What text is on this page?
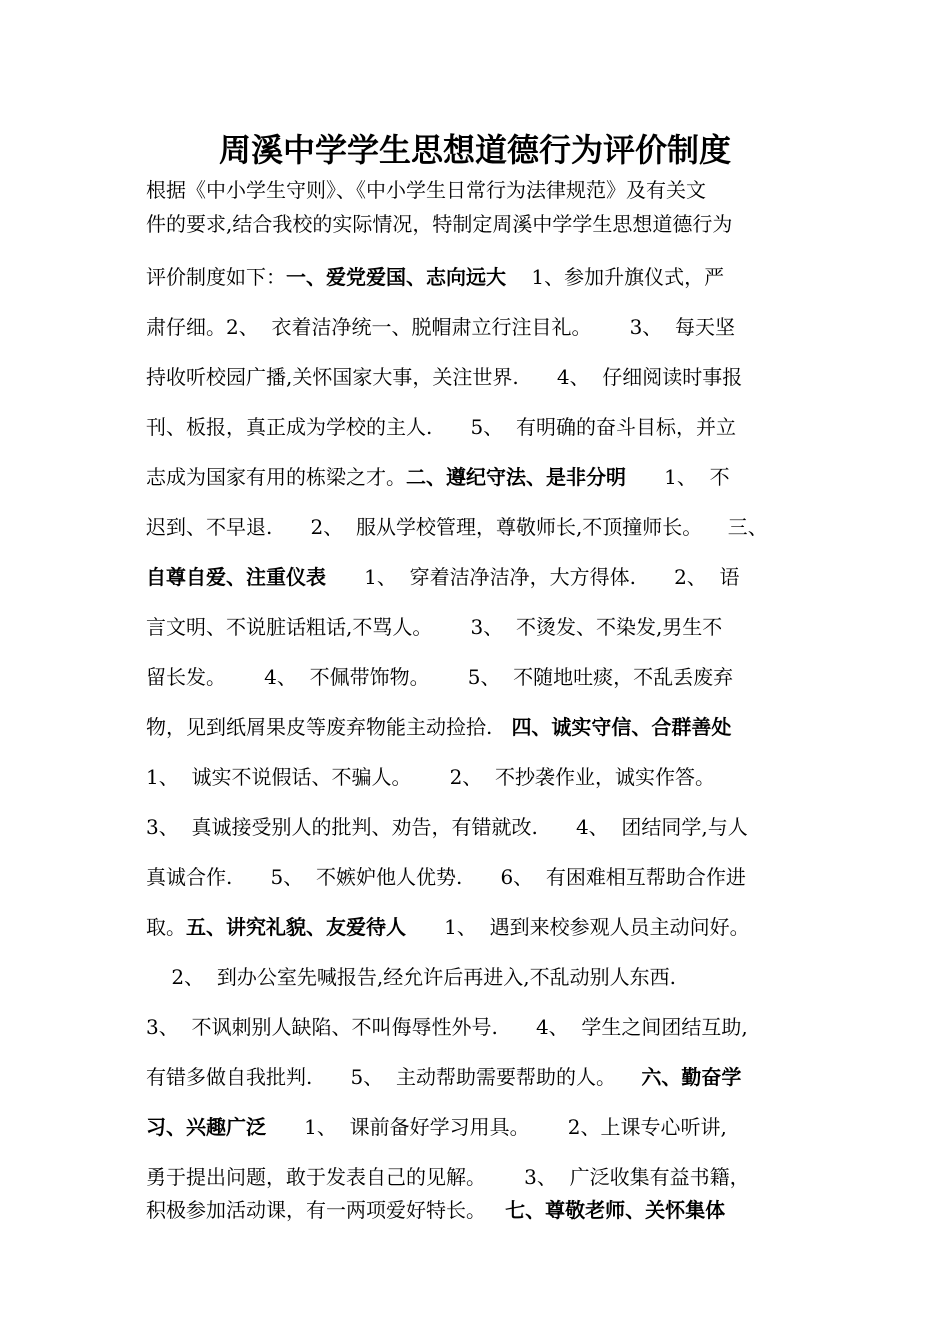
周溪中学学生思想道德行为评价制度
根据《中小学生守则》、《中小学生日常行为法律规范》及有关文
件的要求,结合我校的实际情况，特制定周溪中学学生思想道德行为
评价制度如下：一、爱党爱国、志向远大    1、参加升旗仪式，严
肃仔细。2、  衣着洁净统一、脱帽肃立行注目礼。      3、  每天坚
持收听校园广播,关怀国家大事，关注世界.      4、  仔细阅读时事报
刊、板报，真正成为学校的主人.      5、  有明确的奋斗目标，并立
志成为国家有用的栋梁之才。二、遵纪守法、是非分明      1、  不
迟到、不早退.      2、  服从学校管理，尊敬师长,不顶撞师长。    三、
自尊自爱、注重仪表      1、  穿着洁净洁净，大方得体.      2、  语
言文明、不说脏话粗话,不骂人。      3、  不烫发、不染发,男生不
留长发。      4、  不佩带饰物。      5、  不随地吐痰，不乱丢废弃
物，见到纸屑果皮等废弃物能主动捡拾.   四、诚实守信、合群善处
1、  诚实不说假话、不骗人。      2、  不抄袭作业，诚实作答。
3、  真诚接受别人的批判、劝告，有错就改.      4、  团结同学,与人
真诚合作.      5、  不嫉妒他人优势.      6、  有困难相互帮助合作进
取。五、讲究礼貌、友爱待人      1、  遇到来校参观人员主动问好。
2、  到办公室先喊报告,经允许后再进入,不乱动别人东西.
3、  不讽刺别人缺陷、不叫侮辱性外号.      4、  学生之间团结互助,
有错多做自我批判.      5、  主动帮助需要帮助的人。    六、勤奋学
习、兴趣广泛      1、  课前备好学习用具。      2、上课专心听讲,
勇于提出问题，敢于发表自己的见解。      3、  广泛收集有益书籍，
积极参加活动课，有一两项爱好特长。   七、尊敬老师、关怀集体
